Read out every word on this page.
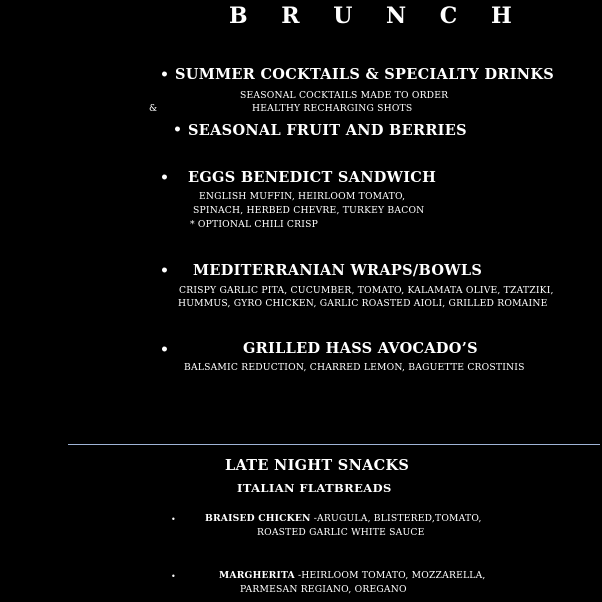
B R U N C H
• SUMMER COCKTAILS & SPECIALTY DRINKS
SEASONAL COCKTAILS MADE TO ORDER
&	HEALTHY RECHARGING SHOTS
• SEASONAL FRUIT AND BERRIES
• EGGS BENEDICT SANDWICH
ENGLISH MUFFIN, HEIRLOOM TOMATO,
SPINACH, HERBED CHEVRE, TURKEY BACON
* OPTIONAL CHILI CRISP
• MEDITERRANIAN WRAPS/BOWLS
CRISPY GARLIC PITA, CUCUMBER, TOMATO, KALAMATA OLIVE, TZATZIKI,
HUMMUS, GYRO CHICKEN, GARLIC ROASTED AIOLI, GRILLED ROMAINE
•	GRILLED HASS AVOCADO’S
BALSAMIC REDUCTION, CHARRED LEMON, BAGUETTE CROSTINIS
LATE NIGHT SNACKS
ITALIAN FLATBREADS
•	BRAISED CHICKEN -ARUGULA, BLISTERED,TOMATO,
ROASTED GARLIC WHITE SAUCE
•	MARGHERITA -HEIRLOOM TOMATO, MOZZARELLA,
PARMESAN REGIANO, OREGANO
